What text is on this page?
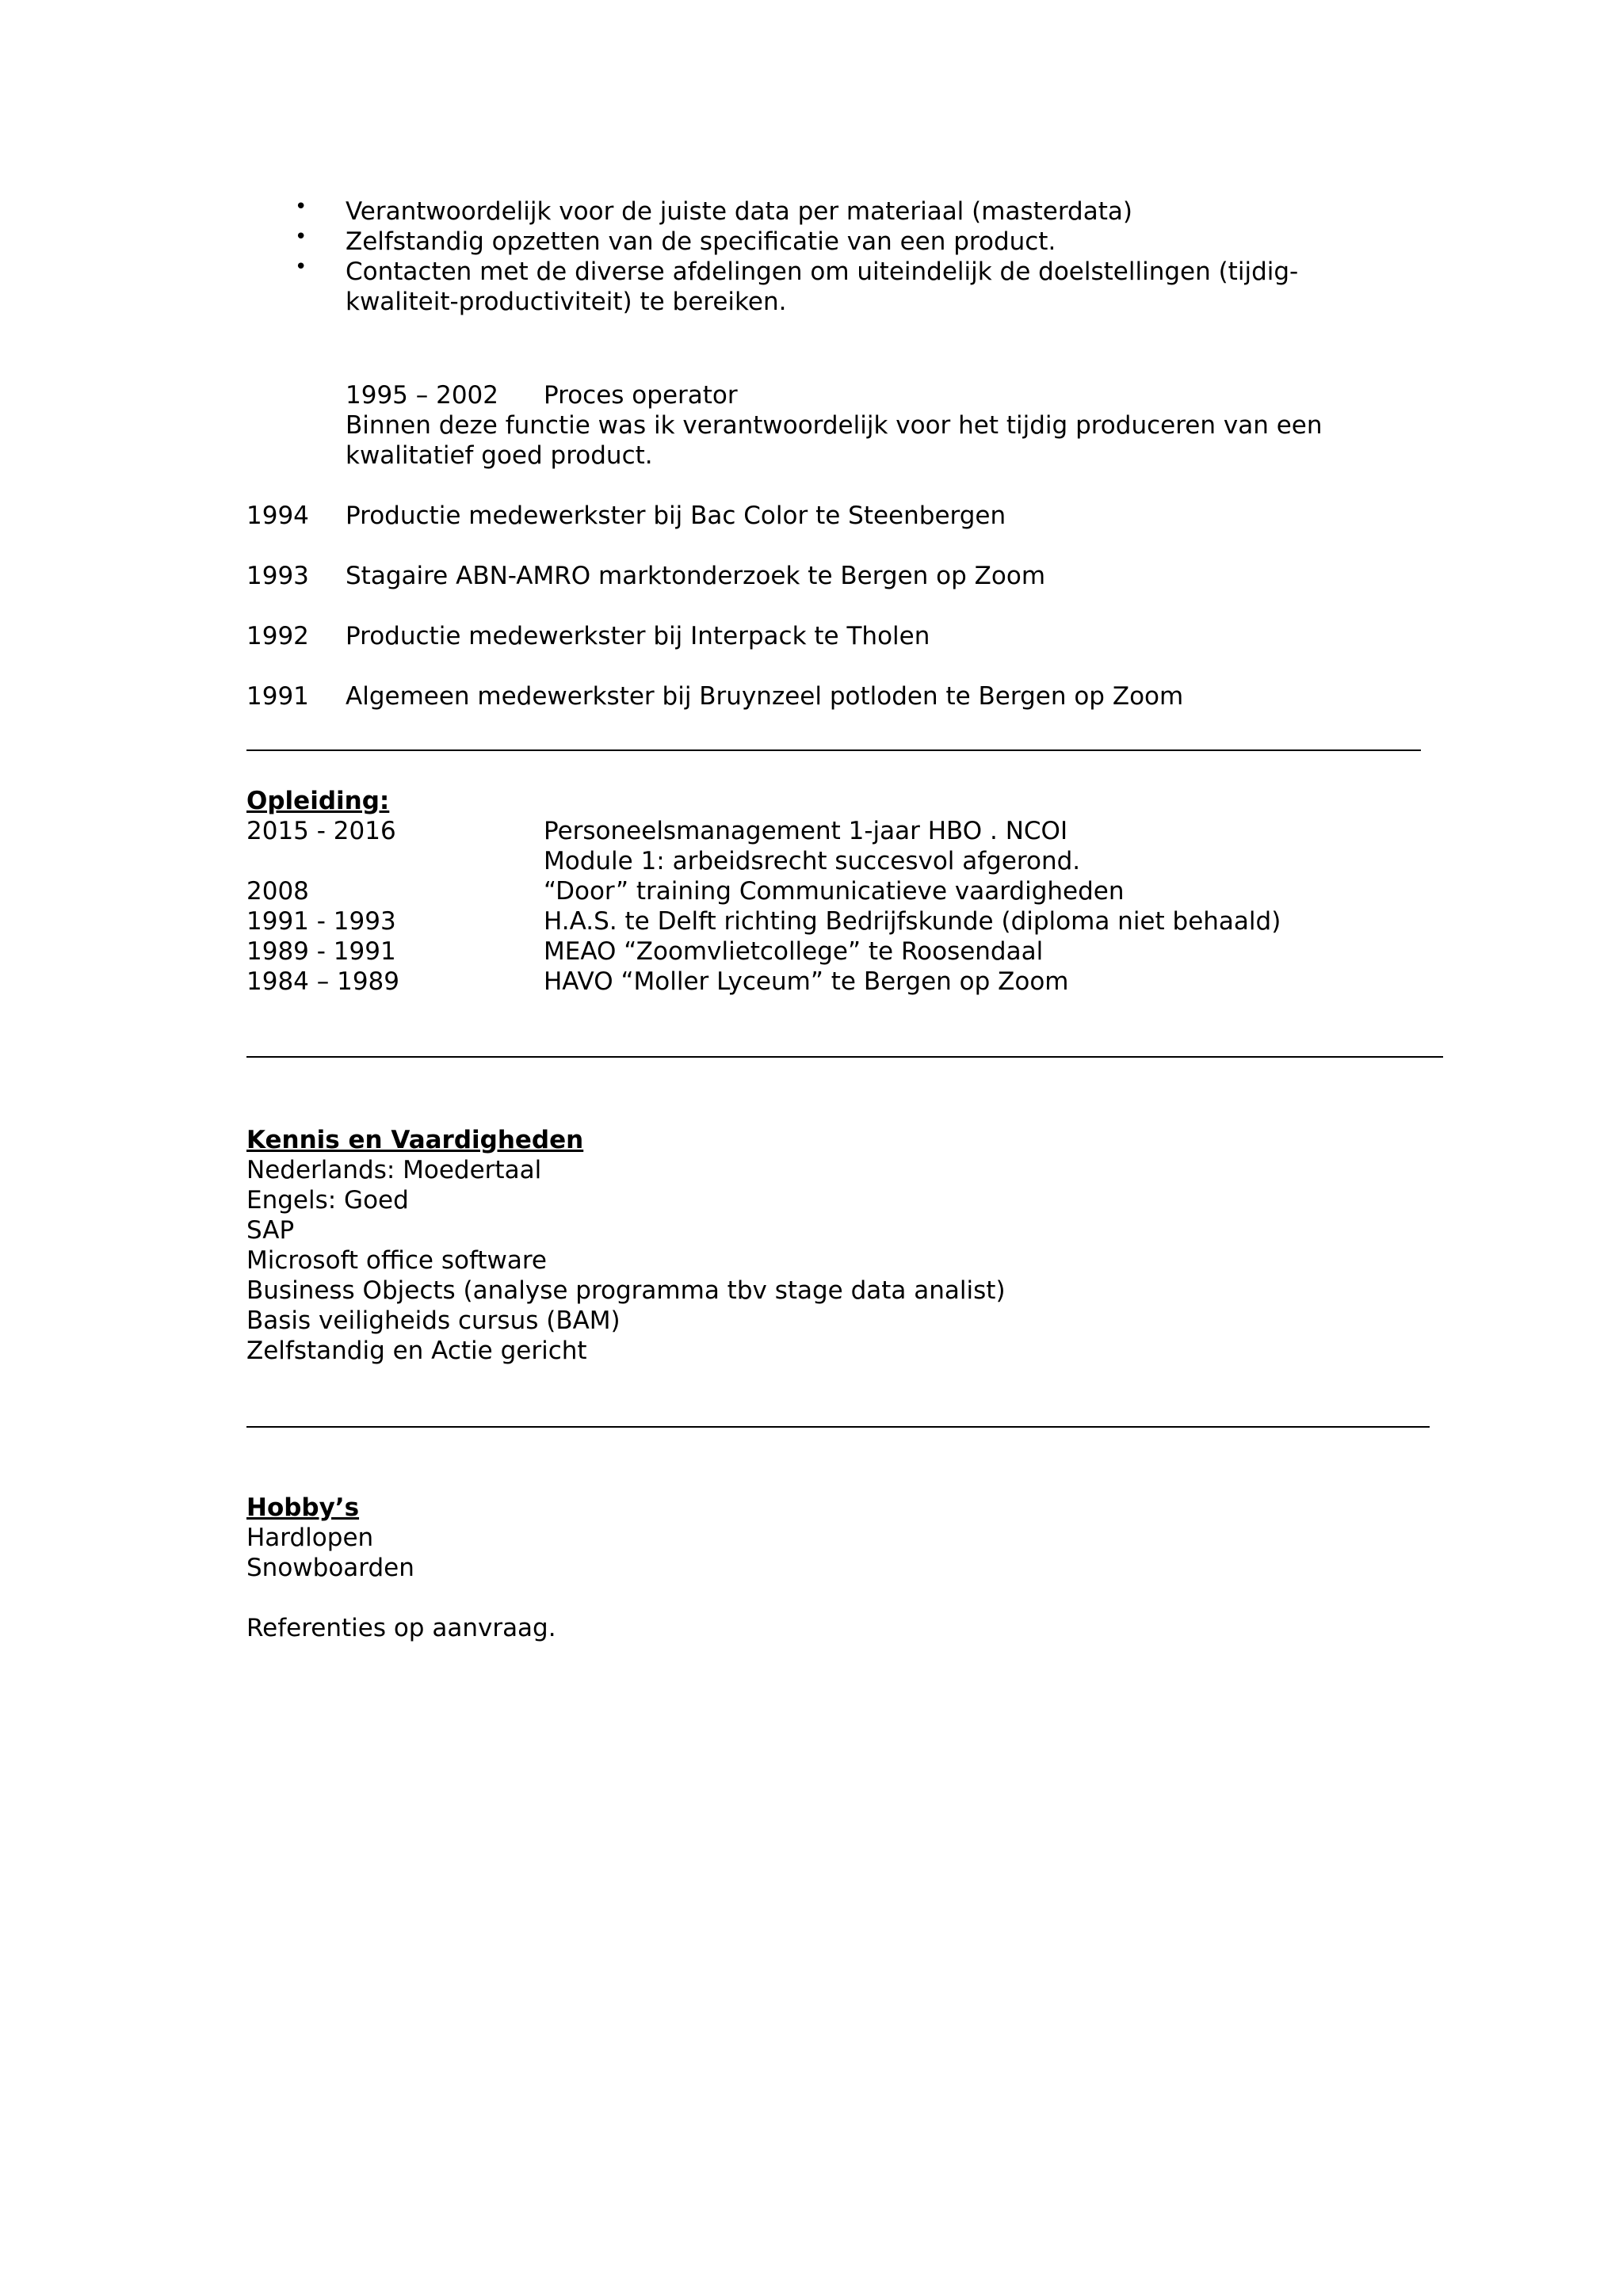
• Verantwoordelijk voor de juiste data per materiaal (masterdata)
• Zelfstandig opzetten van de specificatie van een product.
• Contacten met de diverse afdelingen om uiteindelijk de doelstellingen (tijdig-
kwaliteit-productiviteit) te bereiken.
1995 – 2002 Proces operator
Binnen deze functie was ik verantwoordelijk voor het tijdig produceren van een
kwalitatief goed product.
1994 Productie medewerkster bij Bac Color te Steenbergen
1993 Stagaire ABN-AMRO marktonderzoek te Bergen op Zoom
1992 Productie medewerkster bij Interpack te Tholen
1991 Algemeen medewerkster bij Bruynzeel potloden te Bergen op Zoom
Opleiding:
2015 - 2016	Personeelsmanagement 1-jaar HBO . NCOI
Module 1: arbeidsrecht succesvol afgerond.
2008	“Door” training Communicatieve vaardigheden
1991 - 1993	H.A.S. te Delft richting Bedrijfskunde (diploma niet behaald)
1989 - 1991	MEAO “Zoomvlietcollege” te Roosendaal
1984 – 1989	HAVO “Moller Lyceum” te Bergen op Zoom
Kennis en Vaardigheden
Nederlands: Moedertaal
Engels: Goed
SAP
Microsoft office software
Business Objects (analyse programma tbv stage data analist)
Basis veiligheids cursus (BAM)
Zelfstandig en Actie gericht
Hobby’s
Hardlopen
Snowboarden
Referenties op aanvraag.
